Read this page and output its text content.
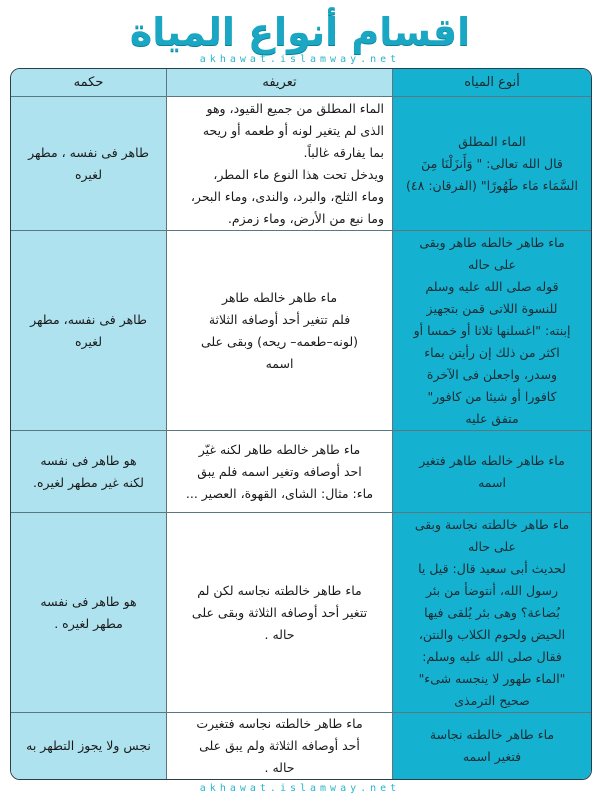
اقسام أنواع المياة
akhawat.islamway.net
أنوع المياه
تعريفه
حكمه
الماء المطلق
قال الله تعالى: " وَأَنزَلْنَا مِنَ
السَّمَاء مَاء طَهُورًا" (الفرقان: ٤٨)
الماء المطلق من جميع القيود، وهو
الذى لم يتغير لونه أو طعمه أو ريحه
بما يفارقه غالباً.
ويدخل تحت هذا النوع ماء المطر،
وماء الثلج، والبرد، والندى، وماء البحر،
وما نبع من الأرض، وماء زمزم.
طاهر فى نفسه ، مطهر
لغيره
ماء طاهر خالطه طاهر وبقى
على حاله
قوله صلى الله عليه وسلم
للنسوة اللاتى قمن بتجهيز
إبنته: "اغسلنها ثلاثا أو خمسا أو
اكثر من ذلك إن رأيتن بماء
وسدر، واجعلن فى الآخرة
كافورا أو شيئا من كافور"
متفق عليه
ماء طاهر خالطه طاهر
فلم تتغير أحد أوصافه الثلاثة
(لونه–طعمه– ريحه) وبقى على
اسمه
طاهر فى نفسه، مطهر
لغيره
ماء طاهر خالطه طاهر فتغير
اسمه
ماء طاهر خالطه طاهر لكنه غيّر
احد أوصافه وتغير اسمه فلم يبق
ماء: مثال: الشاى، القهوة، العصير ...
هو طاهر فى نفسه
لكنه غير مطهر لغيره.
ماء طاهر خالطته نجاسة وبقى
على حاله
لحديث أبى سعيد قال: قيل يا
رسول الله، أنتوضأ من بئر
بُضاعة؟ وهى بئر يُلقى فيها
الحيض ولحوم الكلاب والنتن،
فقال صلى الله عليه وسلم:
"الماء طهور لا ينجسه شىء"
صحيح الترمذى
ماء طاهر خالطته نجاسه لكن لم
تتغير أحد أوصافه الثلاثة وبقى على
حاله .
هو طاهر فى نفسه
مطهر لغيره .
ماء طاهر خالطته نجاسة
فتغير اسمه
ماء طاهر خالطته نجاسه فتغيرت
أحد أوصافه الثلاثة ولم يبق على
حاله .
نجس ولا يجوز التطهر به
akhawat.islamway.net
